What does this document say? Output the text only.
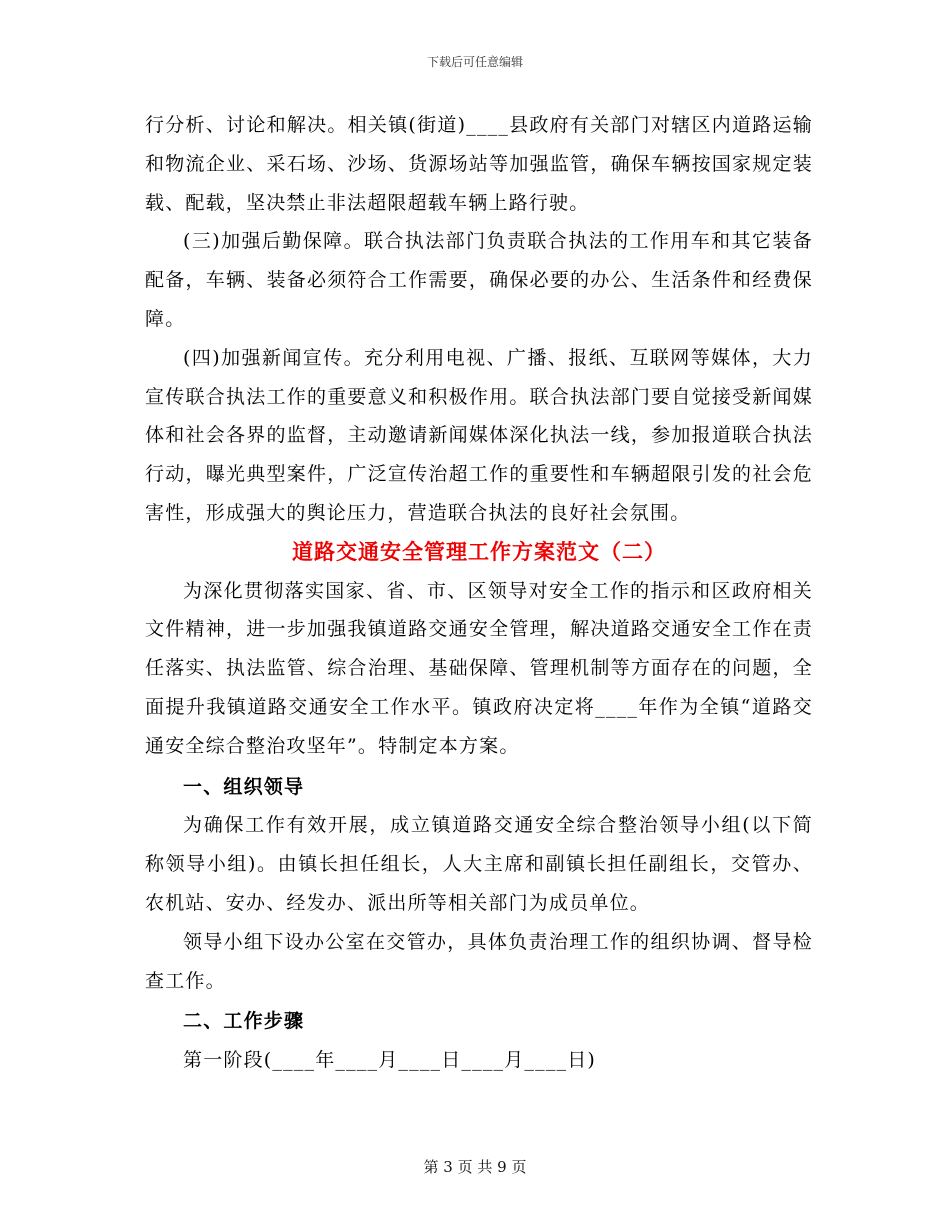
下载后可任意编辑

行分析、讨论和解决。相关镇(街道)____县政府有关部门对辖区内道路运输和物流企业、采石场、沙场、货源场站等加强监管，确保车辆按国家规定装载、配载，坚决禁止非法超限超载车辆上路行驶。

(三)加强后勤保障。联合执法部门负责联合执法的工作用车和其它装备配备，车辆、装备必须符合工作需要，确保必要的办公、生活条件和经费保障。

(四)加强新闻宣传。充分利用电视、广播、报纸、互联网等媒体，大力宣传联合执法工作的重要意义和积极作用。联合执法部门要自觉接受新闻媒体和社会各界的监督，主动邀请新闻媒体深化执法一线，参加报道联合执法行动，曝光典型案件，广泛宣传治超工作的重要性和车辆超限引发的社会危害性，形成强大的舆论压力，营造联合执法的良好社会氛围。

道路交通安全管理工作方案范文（二）

为深化贯彻落实国家、省、市、区领导对安全工作的指示和区政府相关文件精神，进一步加强我镇道路交通安全管理，解决道路交通安全工作在责任落实、执法监管、综合治理、基础保障、管理机制等方面存在的问题，全面提升我镇道路交通安全工作水平。镇政府决定将____年作为全镇“道路交通安全综合整治攻坚年”。特制定本方案。

一、组织领导

为确保工作有效开展，成立镇道路交通安全综合整治领导小组(以下简称领导小组)。由镇长担任组长，人大主席和副镇长担任副组长，交管办、农机站、安办、经发办、派出所等相关部门为成员单位。

领导小组下设办公室在交管办，具体负责治理工作的组织协调、督导检查工作。

二、工作步骤

第一阶段(____年____月____日____月____日)

第 3 页 共 9 页
